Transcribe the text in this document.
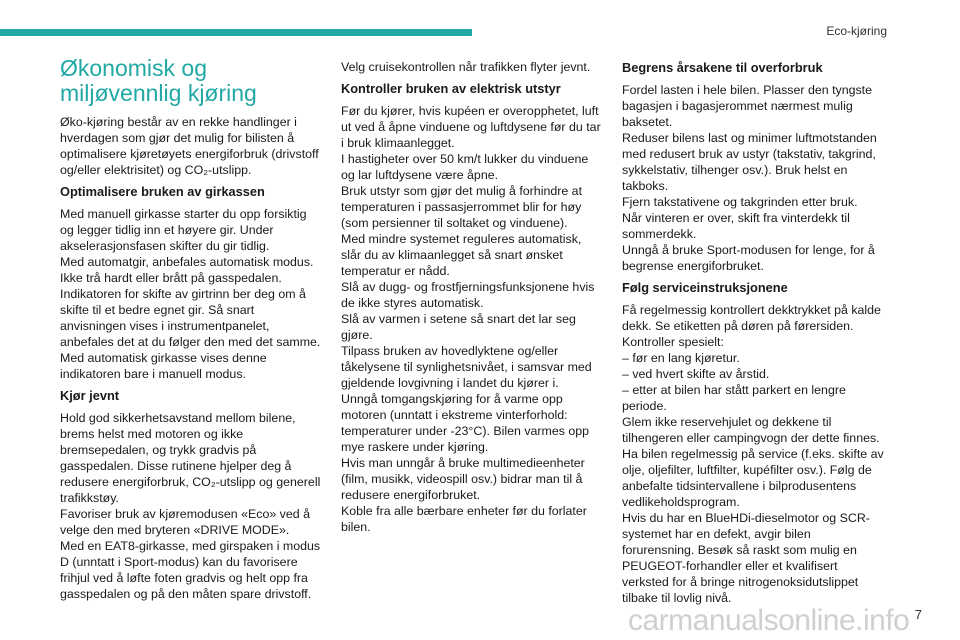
Eco-kjøring
Økonomisk og miljøvennlig kjøring

Øko-kjøring består av en rekke handlinger i hverdagen som gjør det mulig for bilisten å optimalisere kjøretøyets energiforbruk (drivstoff og/eller elektrisitet) og CO₂-utslipp.

Optimalisere bruken av girkassen

Med manuell girkasse starter du opp forsiktig og legger tidlig inn et høyere gir. Under akselerasjonsfasen skifter du gir tidlig.
Med automatgir, anbefales automatisk modus.
Ikke trå hardt eller brått på gasspedalen.
Indikatoren for skifte av girtrinn ber deg om å skifte til et bedre egnet gir. Så snart anvisningen vises i instrumentpanelet, anbefales det at du følger den med det samme.
Med automatisk girkasse vises denne indikatoren bare i manuell modus.

Kjør jevnt

Hold god sikkerhetsavstand mellom bilene, brems helst med motoren og ikke bremsepedalen, og trykk gradvis på gasspedalen. Disse rutinene hjelper deg å redusere energiforbruk, CO₂-utslipp og generell trafikkstøy.
Favoriser bruk av kjøremodusen «Eco» ved å velge den med bryteren «DRIVE MODE».
Med en EAT8-girkasse, med girspaken i modus D (unntatt i Sport-modus) kan du favorisere frihjul ved å løfte foten gradvis og helt opp fra gasspedalen og på den måten spare drivstoff.

Velg cruisekontrollen når trafikken flyter jevnt.

Kontroller bruken av elektrisk utstyr

Før du kjører, hvis kupéen er overopphetet, luft ut ved å åpne vinduene og luftdysene før du tar i bruk klimaanlegget.
I hastigheter over 50 km/t lukker du vinduene og lar luftdysene være åpne.
Bruk utstyr som gjør det mulig å forhindre at temperaturen i passasjerrommet blir for høy (som persienner til soltaket og vinduene).
Med mindre systemet reguleres automatisk, slår du av klimaanlegget så snart ønsket temperatur er nådd.
Slå av dugg- og frostfjerningsfunksjonene hvis de ikke styres automatisk.
Slå av varmen i setene så snart det lar seg gjøre.
Tilpass bruken av hovedlyktene og/eller tåkelysene til synlighetsnivået, i samsvar med gjeldende lovgivning i landet du kjører i.
Unngå tomgangskjøring for å varme opp motoren (unntatt i ekstreme vinterforhold: temperaturer under -23°C). Bilen varmes opp mye raskere under kjøring.
Hvis man unngår å bruke multimedieenheter (film, musikk, videospill osv.) bidrar man til å redusere energiforbruket.
Koble fra alle bærbare enheter før du forlater bilen.

Begrens årsakene til overforbruk

Fordel lasten i hele bilen. Plasser den tyngste bagasjen i bagasjerommet nærmest mulig baksetet.
Reduser bilens last og minimer luftmotstanden med redusert bruk av ustyr (takstativ, takgrind, sykkelstativ, tilhenger osv.). Bruk helst en takboks.
Fjern takstativene og takgrinden etter bruk.
Når vinteren er over, skift fra vinterdekk til sommerdekk.
Unngå å bruke Sport-modusen for lenge, for å begrense energiforbruket.

Følg serviceinstruksjonene

Få regelmessig kontrollert dekktrykket på kalde dekk. Se etiketten på døren på førersiden.
Kontroller spesielt:
– før en lang kjøretur.
– ved hvert skifte av årstid.
– etter at bilen har stått parkert en lengre periode.
Glem ikke reservehjulet og dekkene til tilhengeren eller campingvogn der dette finnes.
Ha bilen regelmessig på service (f.eks. skifte av olje, oljefilter, luftfilter, kupéfilter osv.). Følg de anbefalte tidsintervallene i bilprodusentens vedlikeholdsprogram.
Hvis du har en BlueHDi-dieselmotor og SCR-systemet har en defekt, avgir bilen forurensning. Besøk så raskt som mulig en PEUGEOT-forhandler eller et kvalifisert verksted for å bringe nitrogenoksidutslippet tilbake til lovlig nivå.

carmanualsonline.info 7
